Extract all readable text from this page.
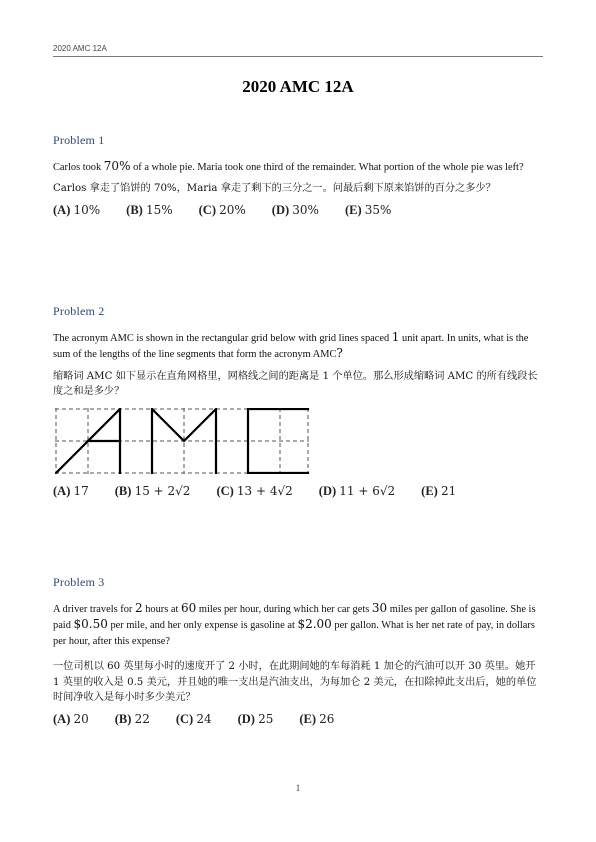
2020 AMC 12A
2020 AMC 12A
Problem 1
Carlos took 70% of a whole pie. Maria took one third of the remainder. What portion of the whole pie was left?
Carlos 拿走了馅饼的 70%，Maria 拿走了剩下的三分之一。问最后剩下原来馅饼的百分之多少？
(A) 10% (B) 15% (C) 20% (D) 30% (E) 35%
Problem 2
The acronym AMC is shown in the rectangular grid below with grid lines spaced 1 unit apart. In units, what is the sum of the lengths of the line segments that form the acronym AMC?
缩略词 AMC 如下显示在直角网格里，网格线之间的距离是 1 个单位。那么形成缩略词 AMC 的所有线段长度之和是多少？
(A) 17 (B) 15 + 2√2 (C) 13 + 4√2 (D) 11 + 6√2 (E) 21
Problem 3
A driver travels for 2 hours at 60 miles per hour, during which her car gets 30 miles per gallon of gasoline. She is paid $0.50 per mile, and her only expense is gasoline at $2.00 per gallon. What is her net rate of pay, in dollars per hour, after this expense?
一位司机以 60 英里每小时的速度开了 2 小时，在此期间她的车每消耗 1 加仑的汽油可以开 30 英里。她开 1 英里的收入是 0.5 美元，并且她的唯一支出是汽油支出，为每加仑 2 美元，在扣除掉此支出后，她的单位时间净收入是每小时多少美元？
(A) 20 (B) 22 (C) 24 (D) 25 (E) 26
1
